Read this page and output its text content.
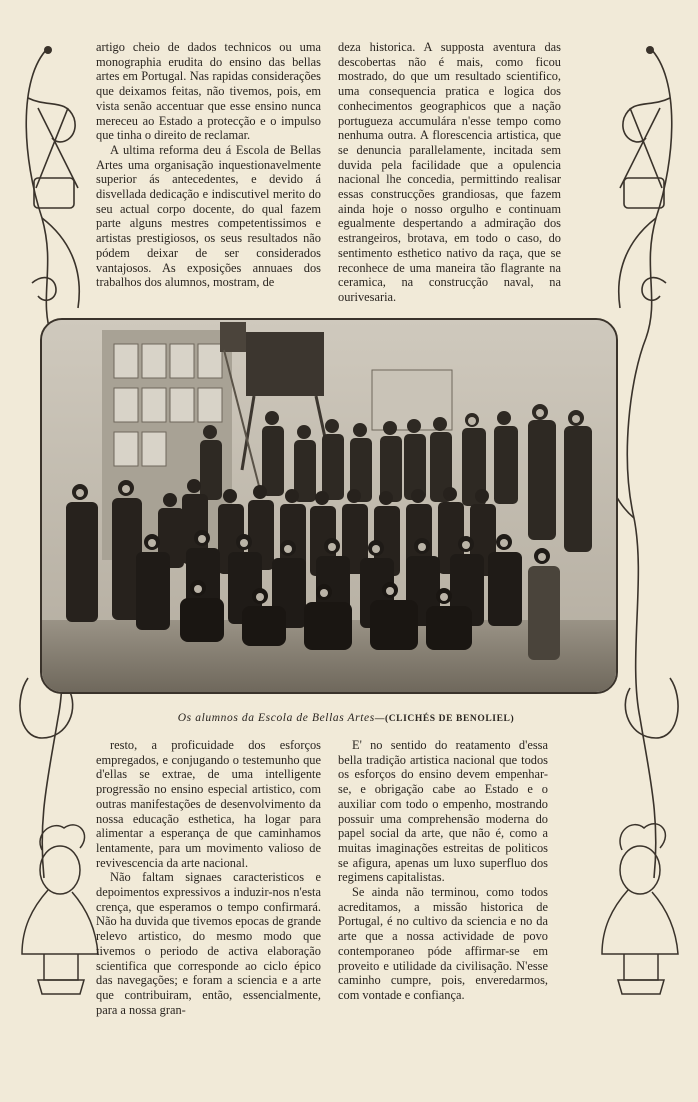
artigo cheio de dados technicos ou uma monographia erudita do ensino das bellas artes em Portugal. Nas rapidas considerações que deixamos feitas, não tivemos, pois, em vista senão accentuar que esse ensino nunca mereceu ao Estado a protecção e o impulso que tinha o direito de reclamar.

A ultima reforma deu á Escola de Bellas Artes uma organisação inquestionavelmente superior ás antecedentes, e devido á disvellada dedicação e indiscutivel merito do seu actual corpo docente, do qual fazem parte alguns mestres competentissimos e artistas prestigiosos, os seus resultados não pódem deixar de ser considerados vantajosos. As exposições annuaes dos trabalhos dos alumnos, mostram, de

deza historica. A supposta aventura das descobertas não é mais, como ficou mostrado, do que um resultado scientifico, uma consequencia pratica e logica dos conhecimentos geographicos que a nação portugueza accumulára n'esse tempo como nenhuma outra. A florescencia artistica, que se denuncia parallelamente, incitada sem duvida pela facilidade que a opulencia nacional lhe concedia, permittindo realisar essas construcções grandiosas, que fazem ainda hoje o nosso orgulho e continuam egualmente despertando a admiração dos estrangeiros, brotava, em todo o caso, do sentimento esthetico nativo da raça, que se reconhece de uma maneira tão flagrante na ceramica, na construcção naval, na ourivesaria.

Os alumnos da Escola de Bellas Artes—(CLICHÉS DE BENOLIEL)

resto, a proficuidade dos esforços empregados, e conjugando o testemunho que d'ellas se extrae, de uma intelligente progressão no ensino especial artistico, com outras manifestações de desenvolvimento da nossa educação esthetica, ha logar para alimentar a esperança de que caminhamos lentamente, para um movimento valioso de revivescencia da arte nacional.

Não faltam signaes caracteristicos e depoimentos expressivos a induzir-nos n'esta crença, que esperamos o tempo confirmará. Não ha duvida que tivemos epocas de grande relevo artistico, do mesmo modo que tivemos o periodo de activa elaboração scientifica que corresponde ao ciclo épico das navegações; e foram a sciencia e a arte que contribuiram, então, essencialmente, para a nossa gran-

E' no sentido do reatamento d'essa bella tradição artistica nacional que todos os esforços do ensino devem empenhar-se, e obrigação cabe ao Estado e o auxiliar com todo o empenho, mostrando possuir uma comprehensão moderna do papel social da arte, que não é, como a muitas imaginações estreitas de politicos se afigura, apenas um luxo superfluo dos regimens capitalistas.

Se ainda não terminou, como todos acreditamos, a missão historica de Portugal, é no cultivo da sciencia e no da arte que a nossa actividade de povo contemporaneo póde affirmar-se em proveito e utilidade da civilisação. N'esse caminho cumpre, pois, enveredarmos, com vontade e confiança.
